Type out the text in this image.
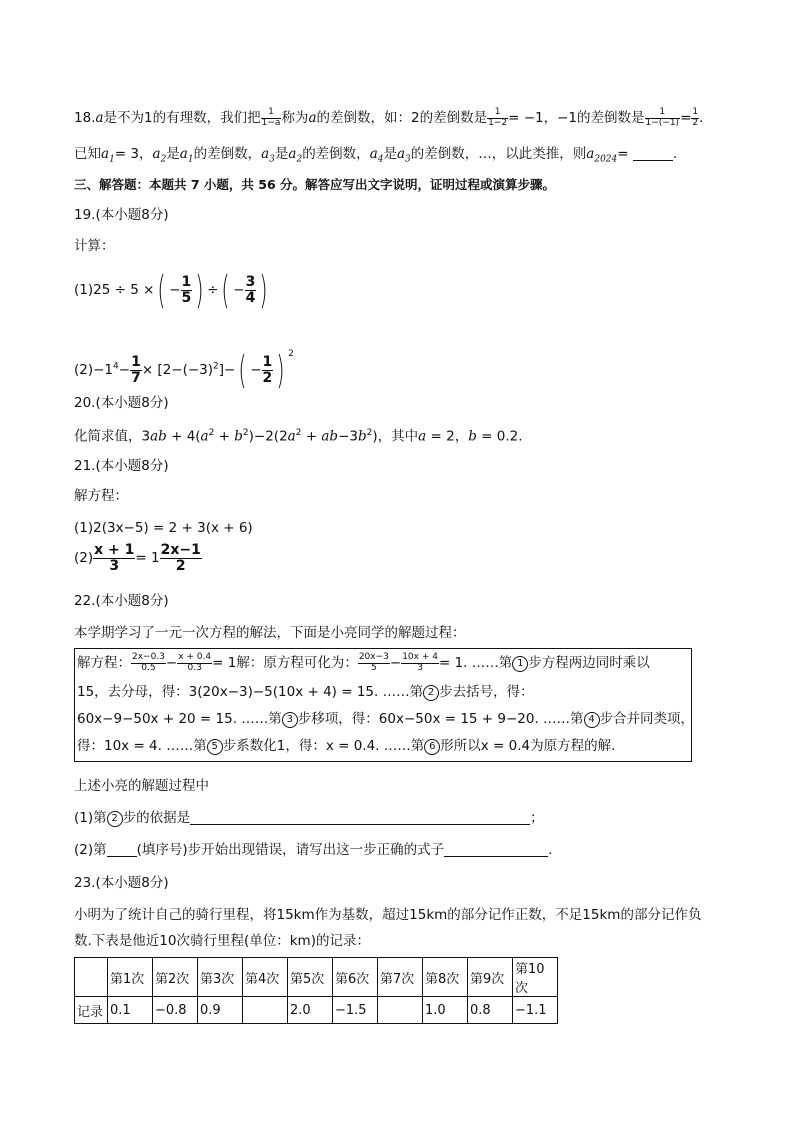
18.a是不为1的有理数，我们把 $\frac{1}{1-a}$ 称为a的差倒数，如：2的差倒数是 $\frac{1}{1-2} = -1$，−1的差倒数是 $\frac{1}{1-(-1)} = \frac{1}{2}$ .
已知$a_1= 3$，$a_2$是$a_1$的差倒数，$a_3$是$a_2$的差倒数，$a_4$是$a_3$的差倒数，…，以此类推，则$a_{2024}=$	.
三、解答题：本题共 7 小题，共 56 分。解答应写出文字说明，证明过程或演算步骤。
19.(本小题8分)
计算：
(1)25 ÷ 5 ×( − $\frac{1}{5}$ ) ÷( − $\frac{3}{4}$ )
$(2)-1^4- \frac{1}{7} \times [2-(-3)^2]-( - \frac{1}{2}$ ) $^2$
20.(本小题8分)
化简求值，$3ab + 4(a^2 + b^2)-2(2a^2 + ab-3b^2)$，其中a = 2，b = 0.2.
21.(本小题8分)
解方程：
(1)2(3x−5) = 2 + 3(x + 6)
$(2) \frac{x + 1}{3} = 1 \frac{2x-1}{2}$
22.(本小题8分)
本学期学习了一元一次方程的解法，下面是小亮同学的解题过程：
解方程： $\frac{2x-0.3}{0.5} - \frac{x + 0.4}{0.3} = 1$解：原方程可化为： $\frac{20x-3}{5} - \frac{10x + 4}{3} = 1$. ……第 1 步方程两边同时乘以
15，去分母，得：3(20x−3)−5(10x + 4) = 15. ……第 2 步去括号，得：
60x−9−50x + 20 = 15. ……第 3 步移项，得：60x−50x = 15 + 9−20. ……第 4 步合并同类项，
得：10x = 4. ……第 5 步系数化1，得：x = 0.4. ……第 6 形所以x = 0.4为原方程的解.
上述小亮的解题过程中
(1)第 2 步的依据是	；
(2)第 (填序号)步开始出现错误，请写出这一步正确的式子	.
23.(本小题8分)
小明为了统计自己的骑行里程，将15km作为基数，超过15km的部分记作正数，不足15km的部分记作负
数.下表是他近10次骑行里程(单位：km)的记录：
	第1次	第2次	第3次	第4次	第5次	第6次	第7次	第8次	第9次	第10次
记录	0.1	−0.8	0.9		2.0	−1.5		1.0	0.8	−1.1
